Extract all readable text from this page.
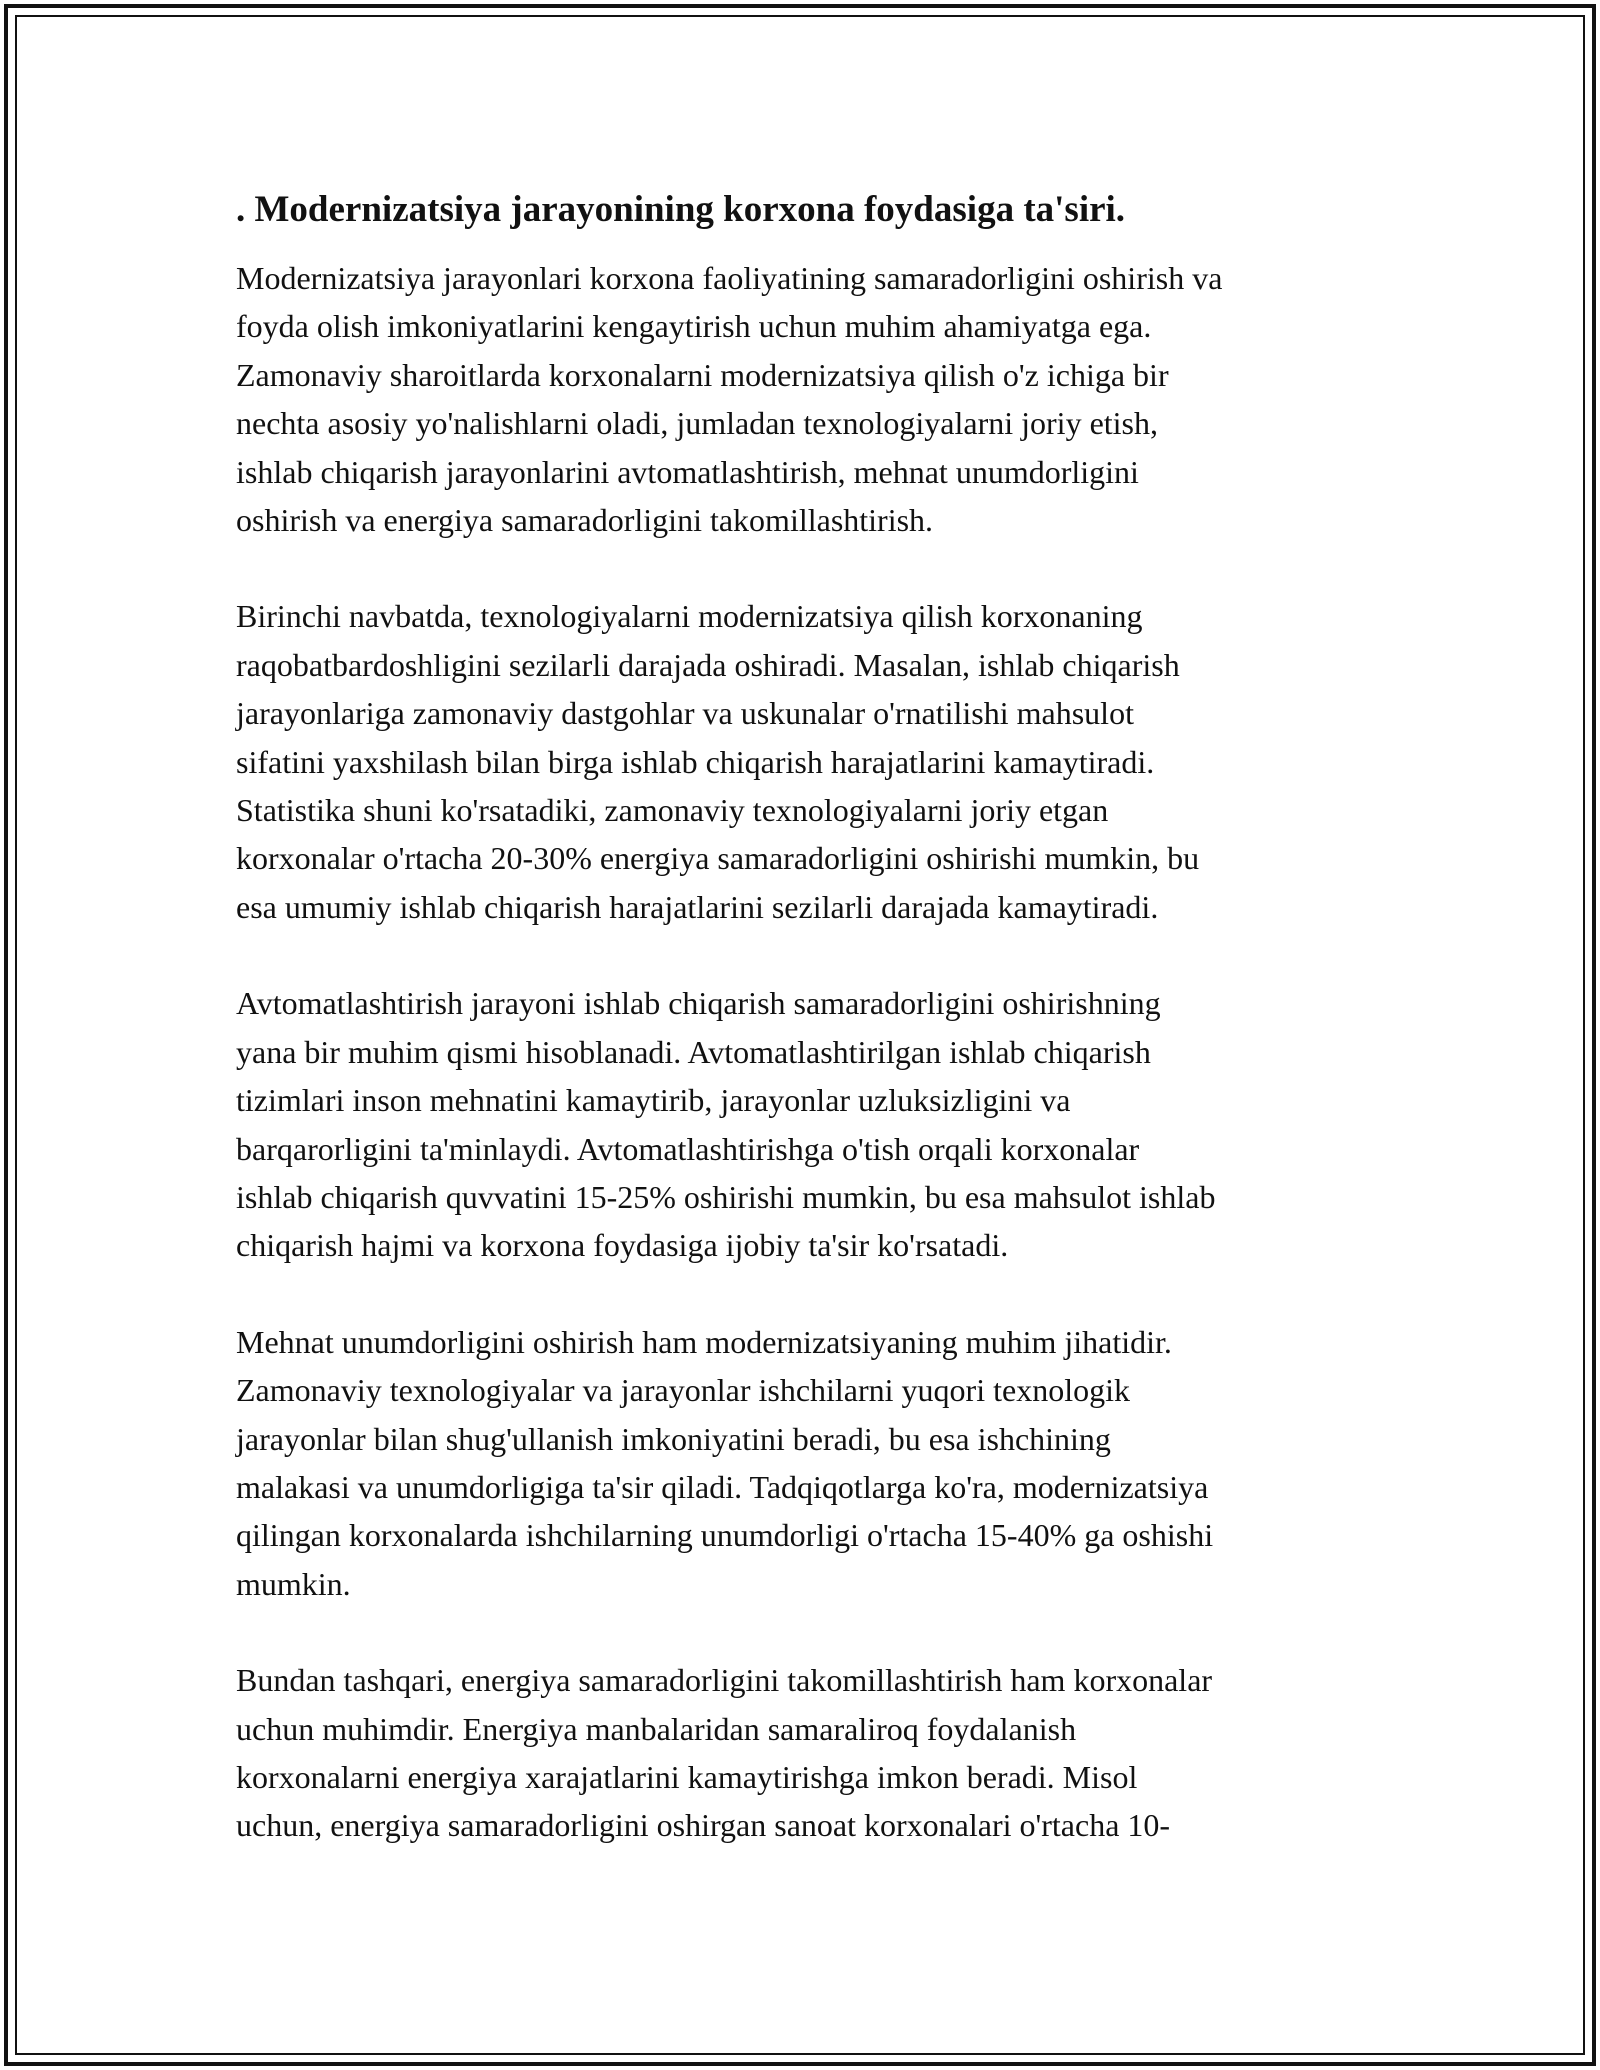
. Modernizatsiya jarayonining korxona foydasiga ta'siri.

Modernizatsiya jarayonlari korxona faoliyatining samaradorligini oshirish va
foyda olish imkoniyatlarini kengaytirish uchun muhim ahamiyatga ega.
Zamonaviy sharoitlarda korxonalarni modernizatsiya qilish o'z ichiga bir
nechta asosiy yo'nalishlarni oladi, jumladan texnologiyalarni joriy etish,
ishlab chiqarish jarayonlarini avtomatlashtirish, mehnat unumdorligini
oshirish va energiya samaradorligini takomillashtirish.

Birinchi navbatda, texnologiyalarni modernizatsiya qilish korxonaning
raqobatbardoshligini sezilarli darajada oshiradi. Masalan, ishlab chiqarish
jarayonlariga zamonaviy dastgohlar va uskunalar o'rnatilishi mahsulot
sifatini yaxshilash bilan birga ishlab chiqarish harajatlarini kamaytiradi.
Statistika shuni ko'rsatadiki, zamonaviy texnologiyalarni joriy etgan
korxonalar o'rtacha 20-30% energiya samaradorligini oshirishi mumkin, bu
esa umumiy ishlab chiqarish harajatlarini sezilarli darajada kamaytiradi.

Avtomatlashtirish jarayoni ishlab chiqarish samaradorligini oshirishning
yana bir muhim qismi hisoblanadi. Avtomatlashtirilgan ishlab chiqarish
tizimlari inson mehnatini kamaytirib, jarayonlar uzluksizligini va
barqarorligini ta'minlaydi. Avtomatlashtirishga o'tish orqali korxonalar
ishlab chiqarish quvvatini 15-25% oshirishi mumkin, bu esa mahsulot ishlab
chiqarish hajmi va korxona foydasiga ijobiy ta'sir ko'rsatadi.

Mehnat unumdorligini oshirish ham modernizatsiyaning muhim jihatidir.
Zamonaviy texnologiyalar va jarayonlar ishchilarni yuqori texnologik
jarayonlar bilan shug'ullanish imkoniyatini beradi, bu esa ishchining
malakasi va unumdorligiga ta'sir qiladi. Tadqiqotlarga ko'ra, modernizatsiya
qilingan korxonalarda ishchilarning unumdorligi o'rtacha 15-40% ga oshishi
mumkin.

Bundan tashqari, energiya samaradorligini takomillashtirish ham korxonalar
uchun muhimdir. Energiya manbalaridan samaraliroq foydalanish
korxonalarni energiya xarajatlarini kamaytirishga imkon beradi. Misol
uchun, energiya samaradorligini oshirgan sanoat korxonalari o'rtacha 10-
